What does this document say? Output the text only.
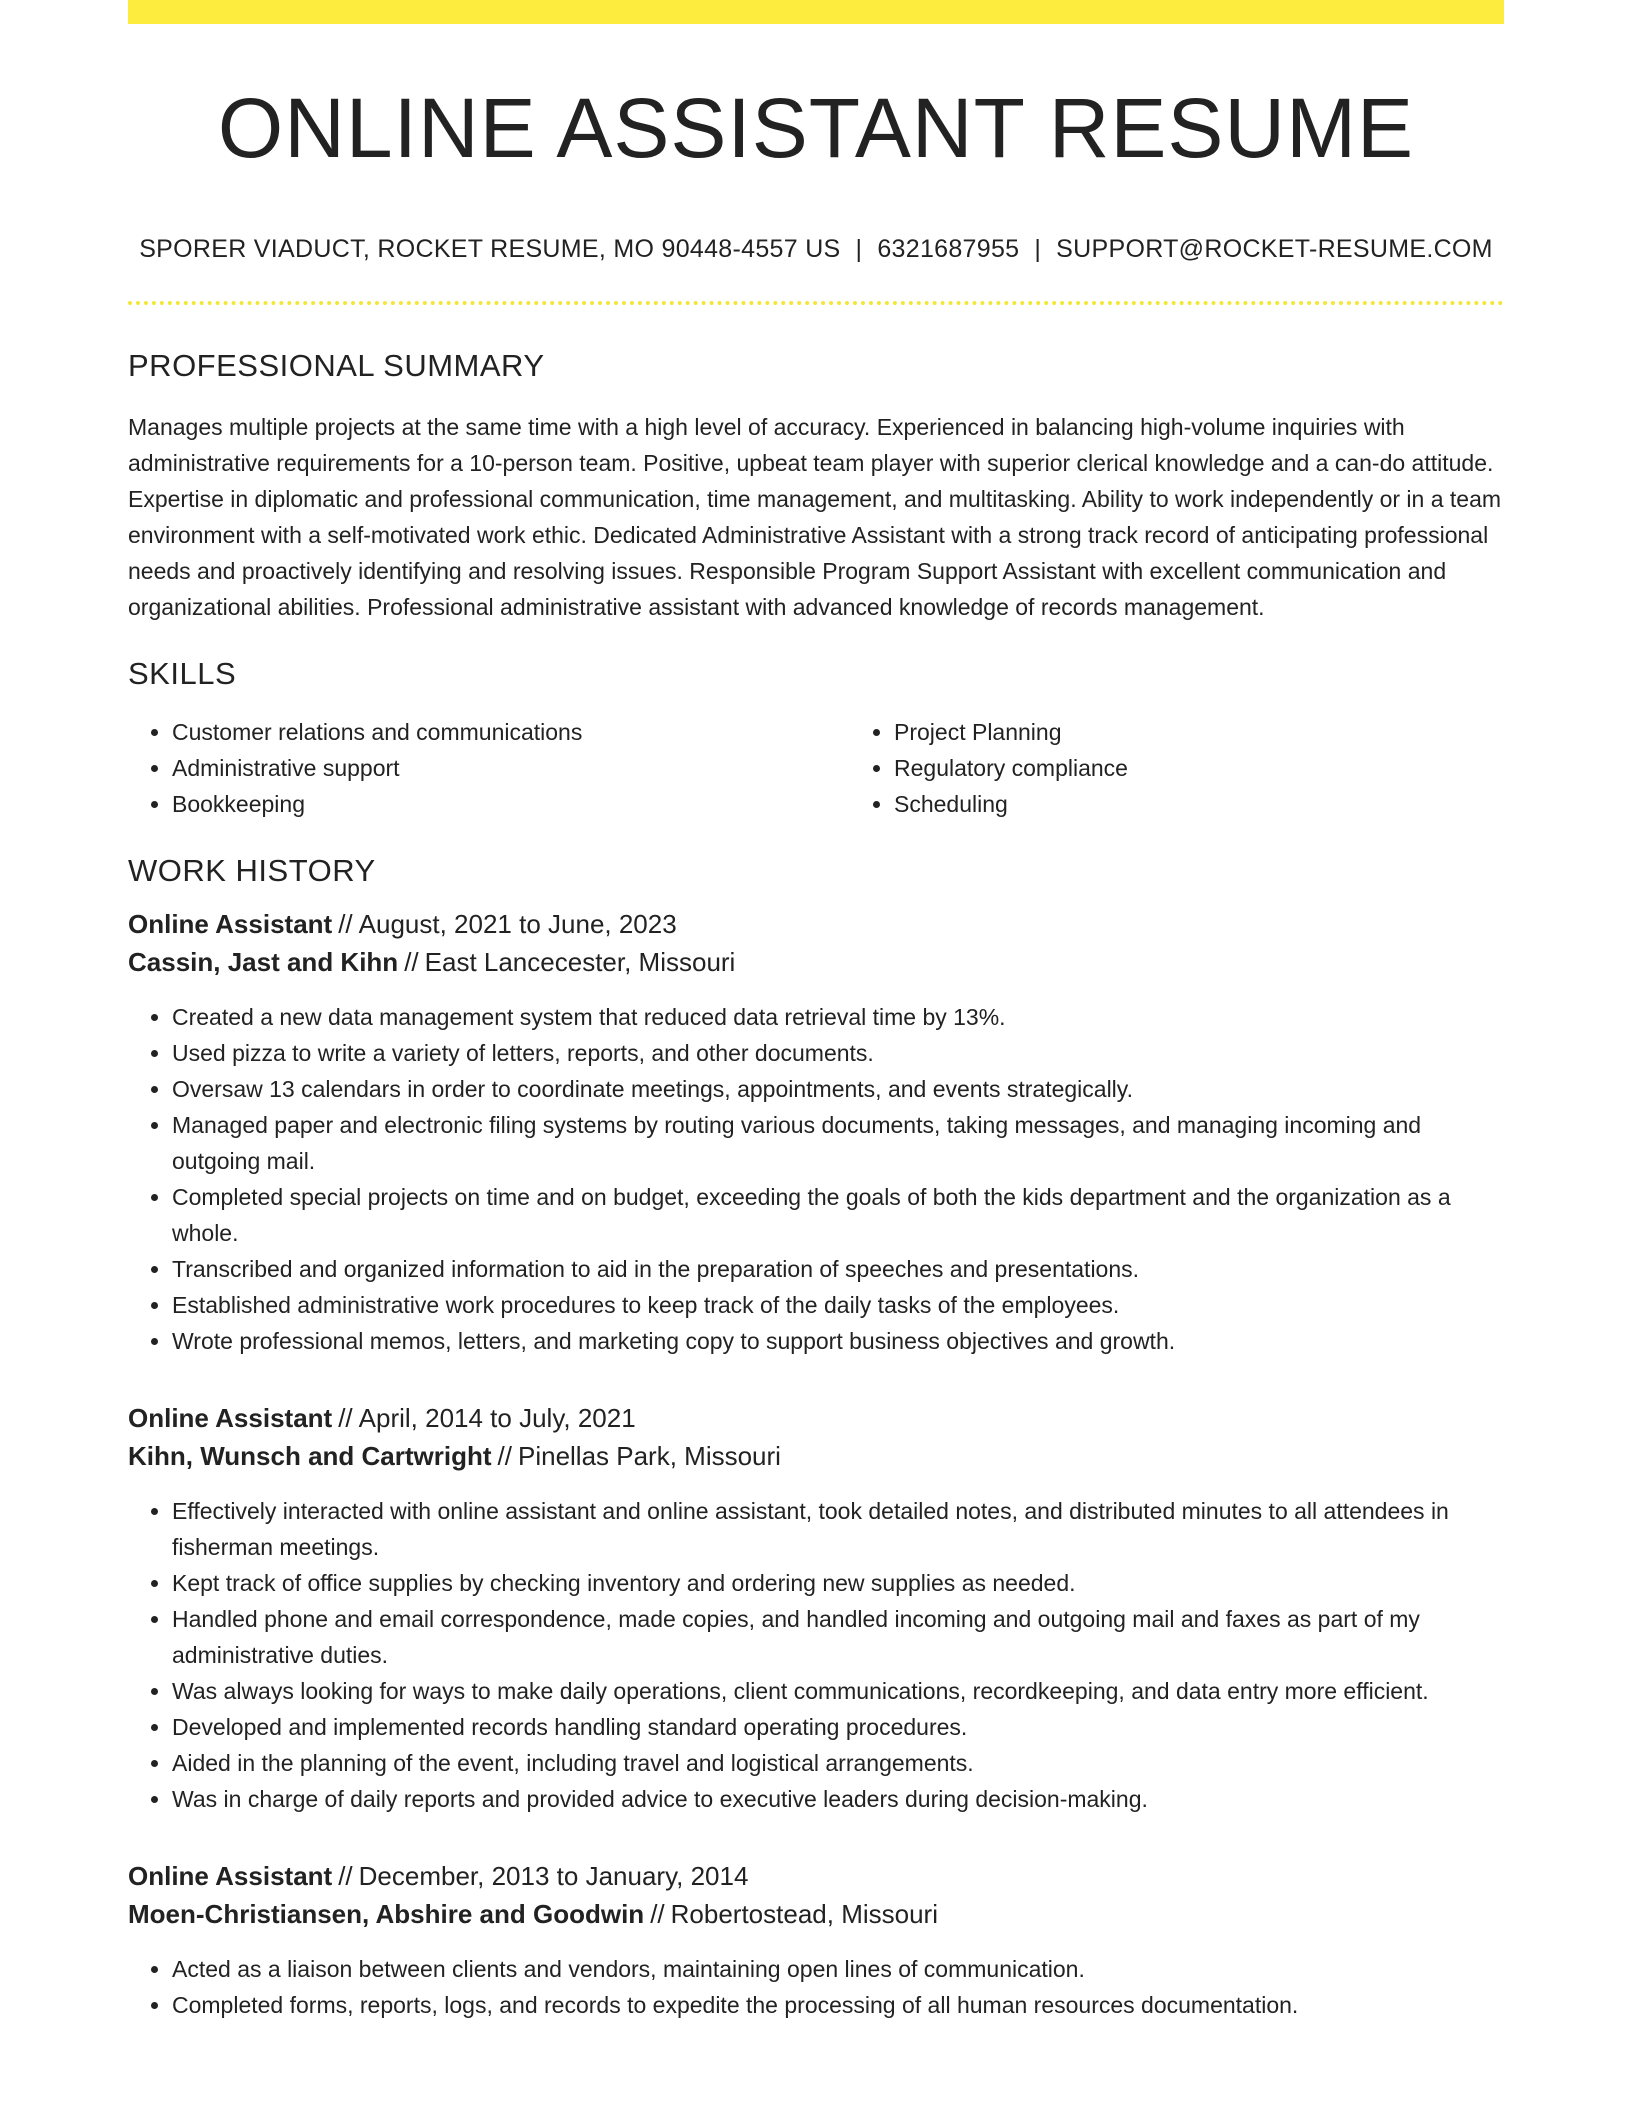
ONLINE ASSISTANT RESUME
SPORER VIADUCT, ROCKET RESUME, MO 90448-4557 US | 6321687955 | SUPPORT@ROCKET-RESUME.COM
PROFESSIONAL SUMMARY

Manages multiple projects at the same time with a high level of accuracy. Experienced in balancing high-volume inquiries with administrative requirements for a 10-person team. Positive, upbeat team player with superior clerical knowledge and a can-do attitude. Expertise in diplomatic and professional communication, time management, and multitasking. Ability to work independently or in a team environment with a self-motivated work ethic. Dedicated Administrative Assistant with a strong track record of anticipating professional needs and proactively identifying and resolving issues. Responsible Program Support Assistant with excellent communication and organizational abilities. Professional administrative assistant with advanced knowledge of records management.

SKILLS
• Customer relations and communications
• Administrative support
• Bookkeeping
• Project Planning
• Regulatory compliance
• Scheduling
WORK HISTORY
Online Assistant // August, 2021 to June, 2023
Cassin, Jast and Kihn // East Lancecester, Missouri
• Created a new data management system that reduced data retrieval time by 13%.
• Used pizza to write a variety of letters, reports, and other documents.
• Oversaw 13 calendars in order to coordinate meetings, appointments, and events strategically.
• Managed paper and electronic filing systems by routing various documents, taking messages, and managing incoming and outgoing mail.
• Completed special projects on time and on budget, exceeding the goals of both the kids department and the organization as a whole.
• Transcribed and organized information to aid in the preparation of speeches and presentations.
• Established administrative work procedures to keep track of the daily tasks of the employees.
• Wrote professional memos, letters, and marketing copy to support business objectives and growth.
Online Assistant // April, 2014 to July, 2021
Kihn, Wunsch and Cartwright // Pinellas Park, Missouri
• Effectively interacted with online assistant and online assistant, took detailed notes, and distributed minutes to all attendees in fisherman meetings.
• Kept track of office supplies by checking inventory and ordering new supplies as needed.
• Handled phone and email correspondence, made copies, and handled incoming and outgoing mail and faxes as part of my administrative duties.
• Was always looking for ways to make daily operations, client communications, recordkeeping, and data entry more efficient.
• Developed and implemented records handling standard operating procedures.
• Aided in the planning of the event, including travel and logistical arrangements.
• Was in charge of daily reports and provided advice to executive leaders during decision-making.
Online Assistant // December, 2013 to January, 2014
Moen-Christiansen, Abshire and Goodwin // Robertostead, Missouri
• Acted as a liaison between clients and vendors, maintaining open lines of communication.
• Completed forms, reports, logs, and records to expedite the processing of all human resources documentation.
